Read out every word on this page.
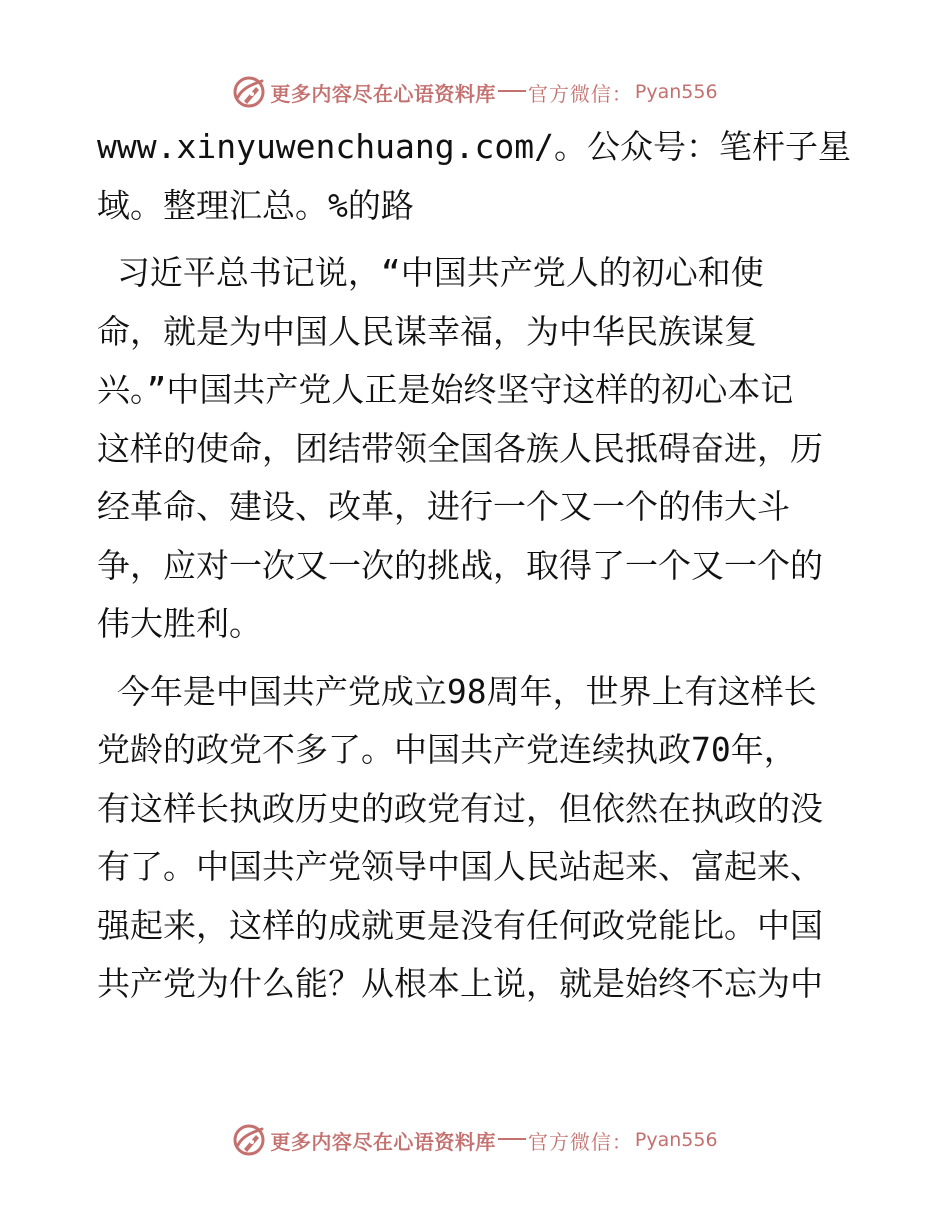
更多内容尽在心语资料库 官方微信： Pyan556
www.xinyuwenchuang.com/。公众号：笔杆子星
域。整理汇总。%的路
习近平总书记说，“中国共产党人的初心和使
命，就是为中国人民谋幸福，为中华民族谋复
兴。”中国共产党人正是始终坚守这样的初心本记
这样的使命，团结带领全国各族人民抵碍奋进，历
经革命、建设、改革，进行一个又一个的伟大斗
争，应对一次又一次的挑战，取得了一个又一个的
伟大胜利。
今年是中国共产党成立98周年，世界上有这样长
党龄的政党不多了。中国共产党连续执政70年，
有这样长执政历史的政党有过，但依然在执政的没
有了。中国共产党领导中国人民站起来、富起来、
强起来，这样的成就更是没有任何政党能比。中国
共产党为什么能？从根本上说，就是始终不忘为中
更多内容尽在心语资料库 官方微信： Pyan556
